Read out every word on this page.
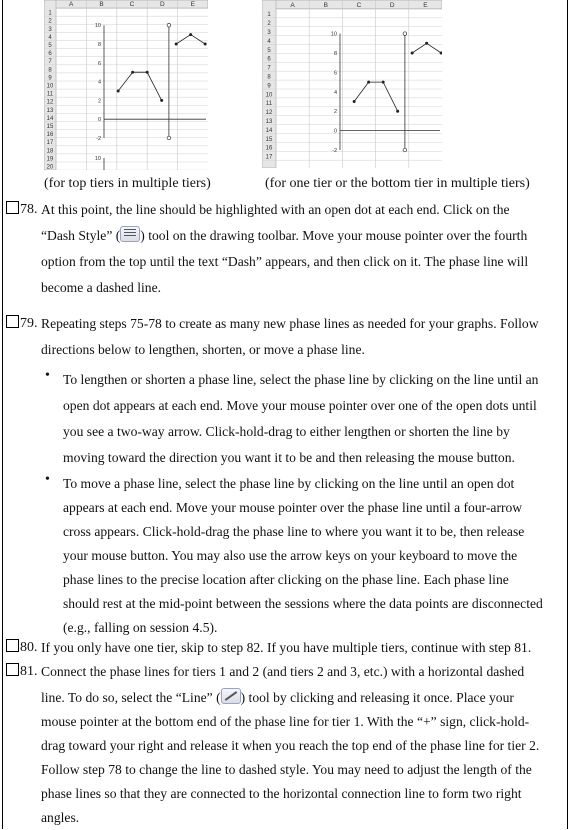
A	B	C	D	E
1
2
3
4
5
6
7
8
9
10
11
12
13
14
15
16
17
18
19
20
10
8
6
4
2
0
-2
10
(for top tiers in multiple tiers)
A	B	C	D	E
1
2
3
4
5
6
7
8
9
10
11
12
13
14
15
16
17
10
8
6
4
2
0
-2
(for one tier or the bottom tier in multiple tiers)
78. At this point, the line should be highlighted with an open dot at each end. Click on the
“Dash Style” ( ) tool on the drawing toolbar. Move your mouse pointer over the fourth
option from the top until the text “Dash” appears, and then click on it. The phase line will
become a dashed line.
79. Repeating steps 75-78 to create as many new phase lines as needed for your graphs. Follow
directions below to lengthen, shorten, or move a phase line.
• To lengthen or shorten a phase line, select the phase line by clicking on the line until an
open dot appears at each end. Move your mouse pointer over one of the open dots until
you see a two-way arrow. Click-hold-drag to either lengthen or shorten the line by
moving toward the direction you want it to be and then releasing the mouse button.
• To move a phase line, select the phase line by clicking on the line until an open dot
appears at each end. Move your mouse pointer over the phase line until a four-arrow
cross appears. Click-hold-drag the phase line to where you want it to be, then release
your mouse button. You may also use the arrow keys on your keyboard to move the
phase lines to the precise location after clicking on the phase line. Each phase line
should rest at the mid-point between the sessions where the data points are disconnected
(e.g., falling on session 4.5).
80. If you only have one tier, skip to step 82. If you have multiple tiers, continue with step 81.
81. Connect the phase lines for tiers 1 and 2 (and tiers 2 and 3, etc.) with a horizontal dashed
line. To do so, select the “Line” ( ) tool by clicking and releasing it once. Place your
mouse pointer at the bottom end of the phase line for tier 1. With the “+” sign, click-hold-
drag toward your right and release it when you reach the top end of the phase line for tier 2.
Follow step 78 to change the line to dashed style. You may need to adjust the length of the
phase lines so that they are connected to the horizontal connection line to form two right
angles.
